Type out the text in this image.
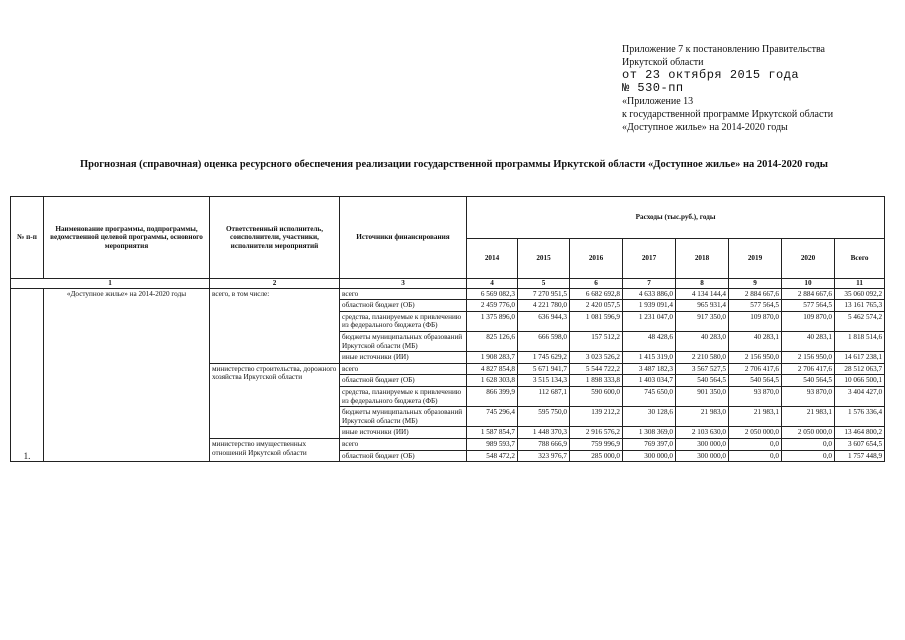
Приложение 7 к постановлению Правительства
Иркутской области
от 23 октября 2015 года
№ 530-пп
«Приложение 13
к государственной программе Иркутской области
«Доступное жилье» на 2014-2020 годы
Прогнозная (справочная) оценка ресурсного обеспечения реализации государственной программы Иркутской области «Доступное жилье» на 2014-2020 годы
№ п-п	Наименование программы, подпрограммы, ведомственной целевой программы, основного мероприятия	Ответственный исполнитель, соисполнители, участники, исполнители мероприятий	Источники финансирования	Расходы (тыс.руб.), годы							
				2014	2015	2016	2017	2018	2019	2020	Всего
1		2	3	4	5	6	7	8	9	10	11
1.	«Доступное жилье» на 2014-2020 годы	всего, в том числе:	всего	6 569 082,3	7 270 951,5	6 682 692,8	4 633 886,0	4 134 144,4	2 884 667,6	2 884 667,6	35 060 092,2
			областной бюджет (ОБ)	2 459 776,0	4 221 780,0	2 420 057,5	1 939 091,4	965 931,4	577 564,5	577 564,5	13 161 765,3
			средства, планируемые к привлечению из федерального бюджета (ФБ)	1 375 896,0	636 944,3	1 081 596,9	1 231 047,0	917 350,0	109 870,0	109 870,0	5 462 574,2
			бюджеты муниципальных образований Иркутской области (МБ)	825 126,6	666 598,0	157 512,2	48 428,6	40 283,0	40 283,1	40 283,1	1 818 514,6
			иные источники (ИИ)	1 908 283,7	1 745 629,2	3 023 526,2	1 415 319,0	2 210 580,0	2 156 950,0	2 156 950,0	14 617 238,1
		министерство строительства, дорожного хозяйства Иркутской области	всего	4 827 854,8	5 671 941,7	5 544 722,2	3 487 182,3	3 567 527,5	2 706 417,6	2 706 417,6	28 512 063,7
			областной бюджет (ОБ)	1 628 303,8	3 515 134,3	1 898 333,8	1 403 034,7	540 564,5	540 564,5	540 564,5	10 066 500,1
			средства, планируемые к привлечению из федерального бюджета (ФБ)	866 399,9	112 687,1	590 600,0	745 650,0	901 350,0	93 870,0	93 870,0	3 404 427,0
			бюджеты муниципальных образований Иркутской области (МБ)	745 296,4	595 750,0	139 212,2	30 128,6	21 983,0	21 983,1	21 983,1	1 576 336,4
			иные источники (ИИ)	1 587 854,7	1 448 370,3	2 916 576,2	1 308 369,0	2 103 630,0	2 050 000,0	2 050 000,0	13 464 800,2
		министерство имущественных отношений Иркутской области	всего	989 593,7	788 666,9	759 996,9	769 397,0	300 000,0	0,0	0,0	3 607 654,5
			областной бюджет (ОБ)	548 472,2	323 976,7	285 000,0	300 000,0	300 000,0	0,0	0,0	1 757 448,9
